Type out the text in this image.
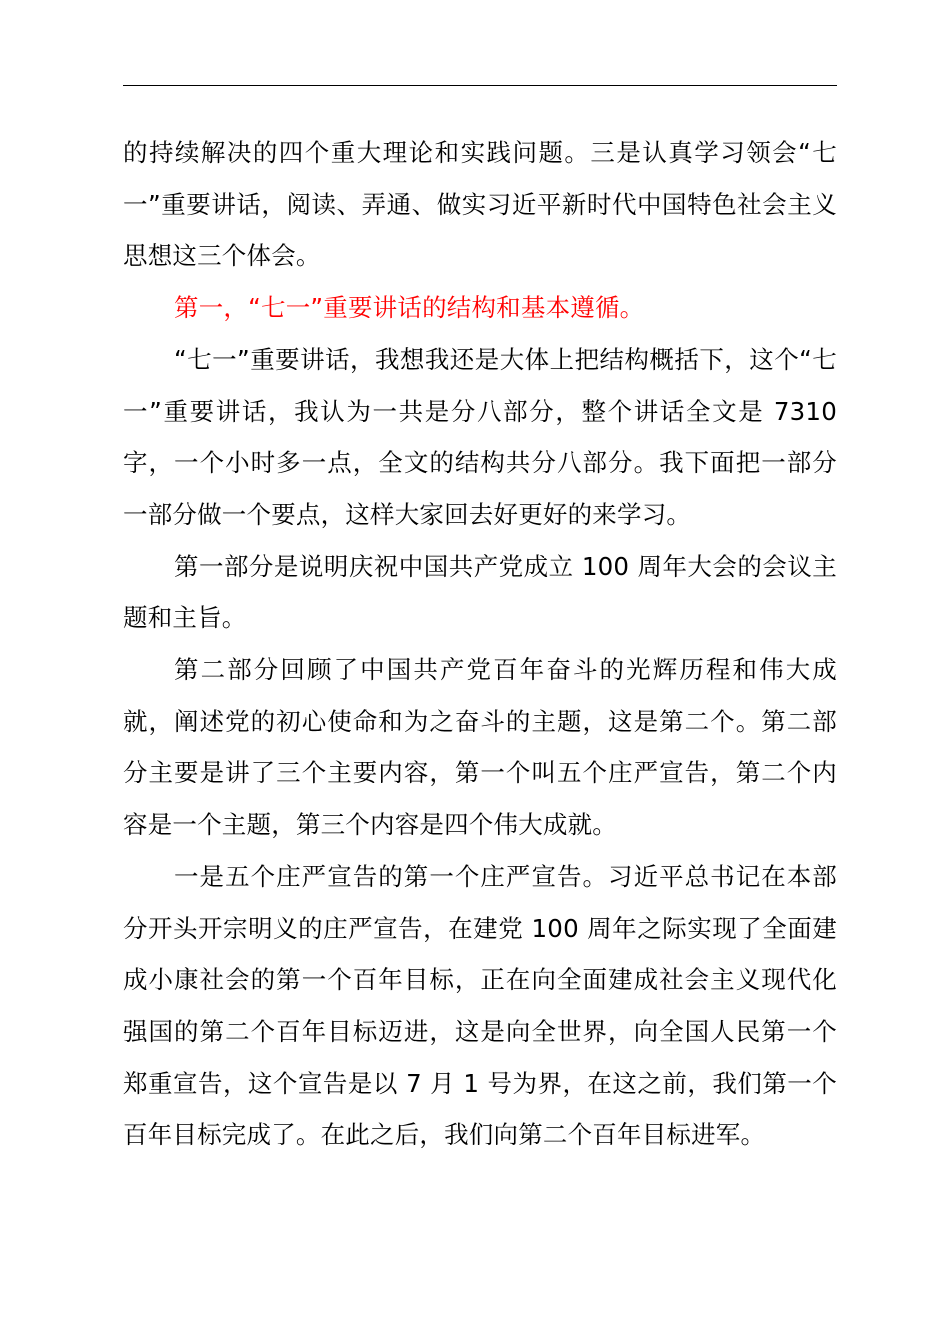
的持续解决的四个重大理论和实践问题。三是认真学习领会“七一”重要讲话，阅读、弄通、做实习近平新时代中国特色社会主义思想这三个体会。

第一，“七一”重要讲话的结构和基本遵循。

“七一”重要讲话，我想我还是大体上把结构概括下，这个“七一”重要讲话，我认为一共是分八部分，整个讲话全文是 7310 字，一个小时多一点，全文的结构共分八部分。我下面把一部分一部分做一个要点，这样大家回去好更好的来学习。

第一部分是说明庆祝中国共产党成立 100 周年大会的会议主题和主旨。

第二部分回顾了中国共产党百年奋斗的光辉历程和伟大成就，阐述党的初心使命和为之奋斗的主题，这是第二个。第二部分主要是讲了三个主要内容，第一个叫五个庄严宣告，第二个内容是一个主题，第三个内容是四个伟大成就。

一是五个庄严宣告的第一个庄严宣告。习近平总书记在本部分开头开宗明义的庄严宣告，在建党 100 周年之际实现了全面建成小康社会的第一个百年目标，正在向全面建成社会主义现代化强国的第二个百年目标迈进，这是向全世界，向全国人民第一个郑重宣告，这个宣告是以 7 月 1 号为界，在这之前，我们第一个百年目标完成了。在此之后，我们向第二个百年目标进军。
